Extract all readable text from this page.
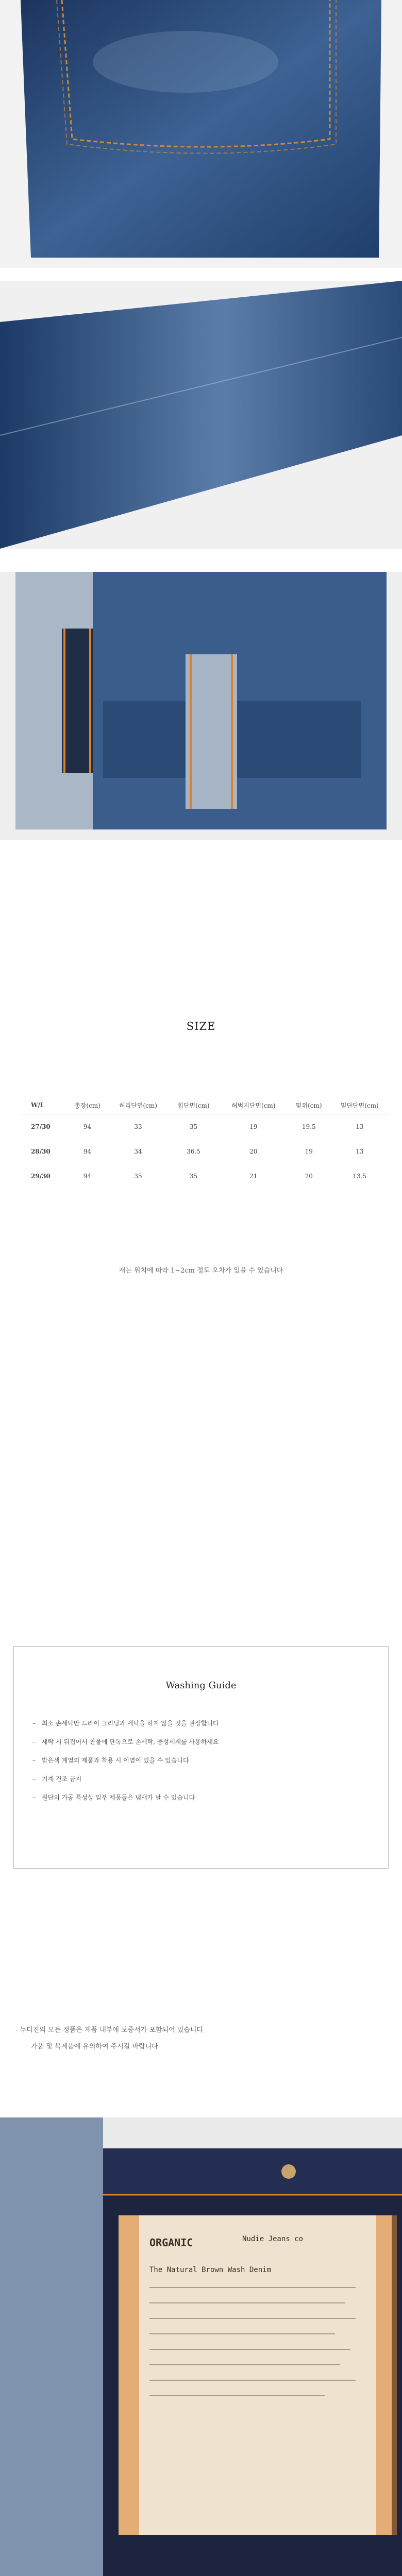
SIZE
W/L	총장(cm)	허리단면(cm)	힙단면(cm)	허벅지단면(cm)	밑위(cm)	밑단단면(cm)
27/30	94	33	35	19	19.5	13
28/30	94	34	36.5	20	19	13
29/30	94	35	35	21	20	13.5
재는 위치에 따라 1~2cm 정도 오차가 있을 수 있습니다
Washing Guide
– 최소 손세탁만 드라이 크리닝과 세탁을 하지 않을 것을 권장합니다
– 세탁 시 뒤집어서 찬물에 단독으로 손세탁, 중성세제를 사용하세요
– 밝은색 계열의 제품과 착용 시 이염이 있을 수 있습니다
– 기계 건조 금지
– 원단의 가공 특성상 일부 제품들은 냄새가 날 수 있습니다
- 누디진의 모든 정품은 제품 내부에 보증서가 포함되어 있습니다
가품 및 복제품에 유의하여 주시길 바랍니다
ORGANIC	Nudie Jeans co
The Natural Brown Wash Denim
